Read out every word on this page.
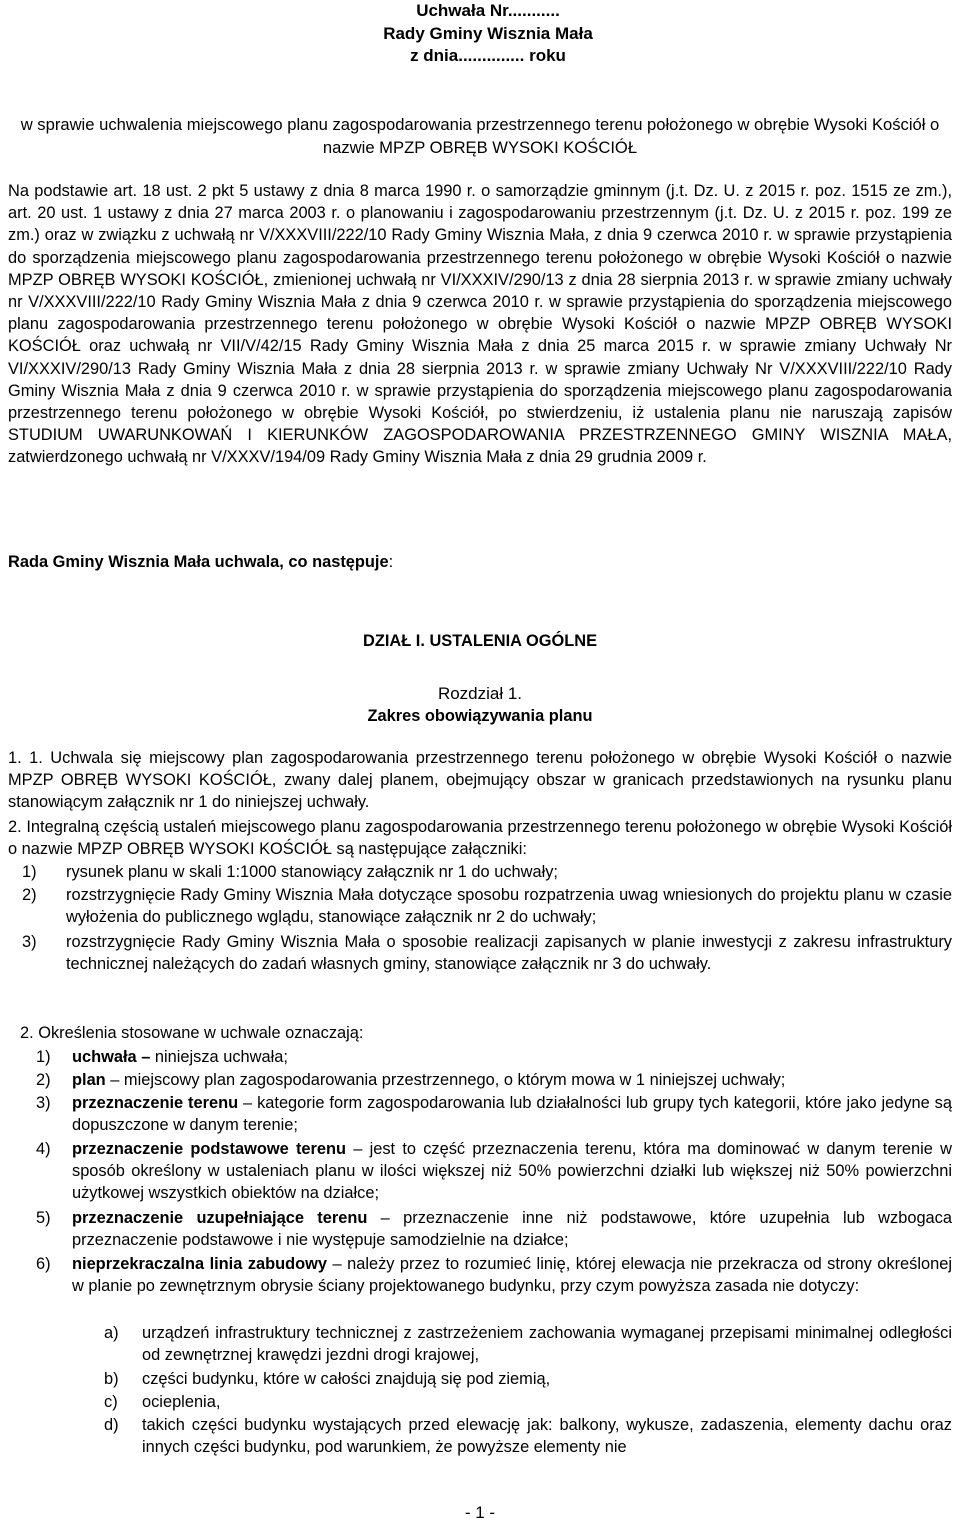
Uchwała Nr...........
Rady Gminy Wisznia Mała
z dnia.............. roku
w sprawie uchwalenia miejscowego planu zagospodarowania przestrzennego terenu położonego w obrębie Wysoki Kościół o nazwie MPZP OBRĘB WYSOKI KOŚCIÓŁ
Na podstawie art. 18 ust. 2 pkt 5 ustawy z dnia 8 marca 1990 r. o samorządzie gminnym (j.t. Dz. U. z 2015 r. poz. 1515 ze zm.), art. 20 ust. 1 ustawy z dnia 27 marca 2003 r. o planowaniu i zagospodarowaniu przestrzennym (j.t. Dz. U. z 2015 r. poz. 199 ze zm.) oraz w związku z uchwałą nr V/XXXVIII/222/10 Rady Gminy Wisznia Mała, z dnia 9 czerwca 2010 r. w sprawie przystąpienia do sporządzenia miejscowego planu zagospodarowania przestrzennego terenu położonego w obrębie Wysoki Kościół o nazwie MPZP OBRĘB WYSOKI KOŚCIÓŁ, zmienionej uchwałą nr VI/XXXIV/290/13 z dnia 28 sierpnia 2013 r. w sprawie zmiany uchwały nr V/XXXVIII/222/10 Rady Gminy Wisznia Mała z dnia 9 czerwca 2010 r. w sprawie przystąpienia do sporządzenia miejscowego planu zagospodarowania przestrzennego terenu położonego w obrębie Wysoki Kościół o nazwie MPZP OBRĘB WYSOKI KOŚCIÓŁ oraz uchwałą nr VII/V/42/15 Rady Gminy Wisznia Mała z dnia 25 marca 2015 r. w sprawie zmiany Uchwały Nr VI/XXXIV/290/13 Rady Gminy Wisznia Mała z dnia 28 sierpnia 2013 r. w sprawie zmiany Uchwały Nr V/XXXVIII/222/10 Rady Gminy Wisznia Mała z dnia 9 czerwca 2010 r. w sprawie przystąpienia do sporządzenia miejscowego planu zagospodarowania przestrzennego terenu położonego w obrębie Wysoki Kościół, po stwierdzeniu, iż ustalenia planu nie naruszają zapisów STUDIUM UWARUNKOWAŃ I KIERUNKÓW ZAGOSPODAROWANIA PRZESTRZENNEGO GMINY WISZNIA MAŁA, zatwierdzonego uchwałą nr V/XXXV/194/09 Rady Gminy Wisznia Mała z dnia 29 grudnia 2009 r.
Rada Gminy Wisznia Mała uchwala, co następuje:
DZIAŁ I. USTALENIA OGÓLNE
Rozdział 1.
Zakres obowiązywania planu
1. 1. Uchwala się miejscowy plan zagospodarowania przestrzennego terenu położonego w obrębie Wysoki Kościół o nazwie MPZP OBRĘB WYSOKI KOŚCIÓŁ, zwany dalej planem, obejmujący obszar w granicach przedstawionych na rysunku planu stanowiącym załącznik nr 1 do niniejszej uchwały.
2. Integralną częścią ustaleń miejscowego planu zagospodarowania przestrzennego terenu położonego w obrębie Wysoki Kościół o nazwie MPZP OBRĘB WYSOKI KOŚCIÓŁ są następujące załączniki:
1) rysunek planu w skali 1:1000 stanowiący załącznik nr 1 do uchwały;
2) rozstrzygnięcie Rady Gminy Wisznia Mała dotyczące sposobu rozpatrzenia uwag wniesionych do projektu planu w czasie wyłożenia do publicznego wglądu, stanowiące załącznik nr 2 do uchwały;
3) rozstrzygnięcie Rady Gminy Wisznia Mała o sposobie realizacji zapisanych w planie inwestycji z zakresu infrastruktury technicznej należących do zadań własnych gminy, stanowiące załącznik nr 3 do uchwały.
2. Określenia stosowane w uchwale oznaczają:
1) uchwała – niniejsza uchwała;
2) plan – miejscowy plan zagospodarowania przestrzennego, o którym mowa w 1 niniejszej uchwały;
3) przeznaczenie terenu – kategorie form zagospodarowania lub działalności lub grupy tych kategorii, które jako jedyne są dopuszczone w danym terenie;
4) przeznaczenie podstawowe terenu – jest to część przeznaczenia terenu, która ma dominować w danym terenie w sposób określony w ustaleniach planu w ilości większej niż 50% powierzchni działki lub większej niż 50% powierzchni użytkowej wszystkich obiektów na działce;
5) przeznaczenie uzupełniające terenu – przeznaczenie inne niż podstawowe, które uzupełnia lub wzbogaca przeznaczenie podstawowe i nie występuje samodzielnie na działce;
6) nieprzekraczalna linia zabudowy – należy przez to rozumieć linię, której elewacja nie przekracza od strony określonej w planie po zewnętrznym obrysie ściany projektowanego budynku, przy czym powyższa zasada nie dotyczy:
a) urządzeń infrastruktury technicznej z zastrzeżeniem zachowania wymaganej przepisami minimalnej odległości od zewnętrznej krawędzi jezdni drogi krajowej,
b) części budynku, które w całości znajdują się pod ziemią,
c) ocieplenia,
d) takich części budynku wystających przed elewację jak: balkony, wykusze, zadaszenia, elementy dachu oraz innych części budynku, pod warunkiem, że powyższe elementy nie
- 1 -
